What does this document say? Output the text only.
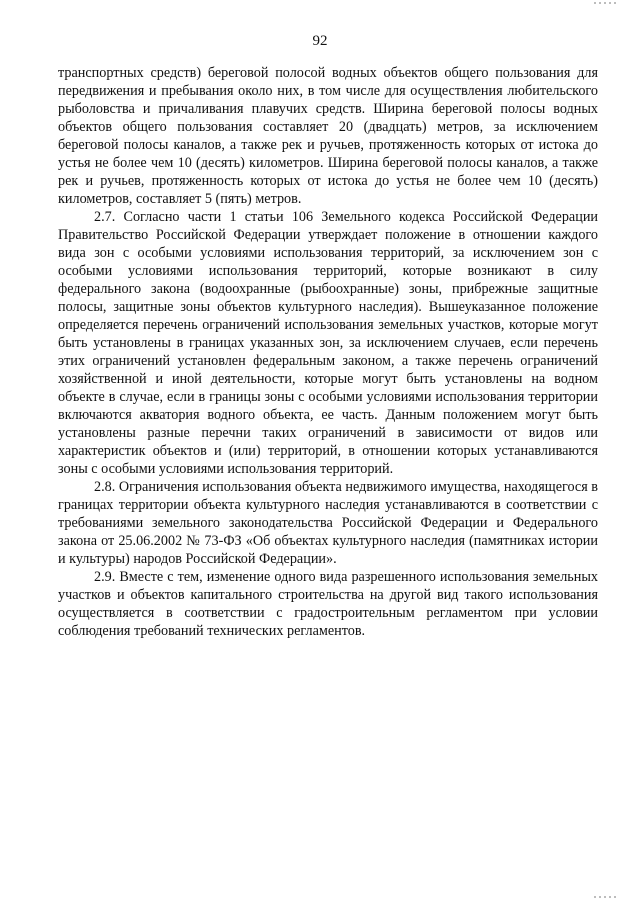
92

транспортных средств) береговой полосой водных объектов общего пользования для передвижения и пребывания около них, в том числе для осуществления любительского рыболовства и причаливания плавучих средств. Ширина береговой полосы водных объектов общего пользования составляет 20 (двадцать) метров, за исключением береговой полосы каналов, а также рек и ручьев, протяженность которых от истока до устья не более чем 10 (десять) километров. Ширина береговой полосы каналов, а также рек и ручьев, протяженность которых от истока до устья не более чем 10 (десять) километров, составляет 5 (пять) метров.

2.7. Согласно части 1 статьи 106 Земельного кодекса Российской Федерации Правительство Российской Федерации утверждает положение в отношении каждого вида зон с особыми условиями использования территорий, за исключением зон с особыми условиями использования территорий, которые возникают в силу федерального закона (водоохранные (рыбоохранные) зоны, прибрежные защитные полосы, защитные зоны объектов культурного наследия). Вышеуказанное положение определяется перечень ограничений использования земельных участков, которые могут быть установлены в границах указанных зон, за исключением случаев, если перечень этих ограничений установлен федеральным законом, а также перечень ограничений хозяйственной и иной деятельности, которые могут быть установлены на водном объекте в случае, если в границы зоны с особыми условиями использования территории включаются акватория водного объекта, ее часть. Данным положением могут быть установлены разные перечни таких ограничений в зависимости от видов или характеристик объектов и (или) территорий, в отношении которых устанавливаются зоны с особыми условиями использования территорий.

2.8. Ограничения использования объекта недвижимого имущества, находящегося в границах территории объекта культурного наследия устанавливаются в соответствии с требованиями земельного законодательства Российской Федерации и Федерального закона от 25.06.2002 № 73-ФЗ «Об объектах культурного наследия (памятниках истории и культуры) народов Российской Федерации».

2.9. Вместе с тем, изменение одного вида разрешенного использования земельных участков и объектов капитального строительства на другой вид такого использования осуществляется в соответствии с градостроительным регламентом при условии соблюдения требований технических регламентов.
